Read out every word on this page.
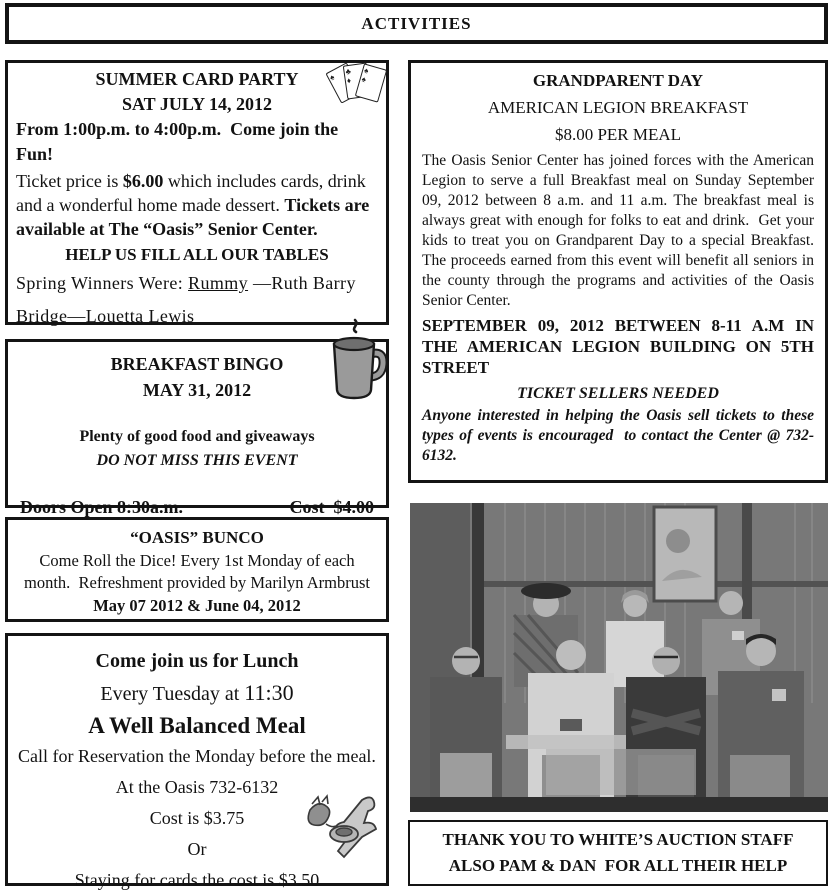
ACTIVITIES
SUMMER CARD PARTY
SAT JULY 14, 2012
From 1:00p.m. to 4:00p.m.  Come join the Fun!
Ticket price is $6.00 which includes cards, drink and a wonderful home made dessert. Tickets are available at The “Oasis” Senior Center.
HELP US FILL ALL OUR TABLES
Spring Winners Were: Rummy —Ruth Barry
Bridge—Louetta Lewis
♠
♣
♦
♠
♠
BREAKFAST BINGO
MAY 31, 2012
Plenty of good food and giveaways
DO NOT MISS THIS EVENT
Doors Open 8:30a.m.	Cost  $4.00
“OASIS” BUNCO
Come Roll the Dice! Every 1st Monday of each month.  Refreshment provided by Marilyn Armbrust
May 07 2012 & June 04, 2012
Come join us for Lunch
Every Tuesday at 11:30
A Well Balanced Meal
Call for Reservation the Monday before the meal.
At the Oasis 732-6132
Cost is $3.75
Or
Staying for cards the cost is $3.50
GRANDPARENT DAY
AMERICAN LEGION BREAKFAST
$8.00 PER MEAL
The Oasis Senior Center has joined forces with the American Legion to serve a full Breakfast meal on Sunday September 09, 2012 between 8 a.m. and 11 a.m. The breakfast meal is always great with enough for folks to eat and drink.  Get your kids to treat you on Grandparent Day to a special Breakfast. The proceeds earned from this event will benefit all seniors in the county through the programs and activities of the Oasis Senior Center.
SEPTEMBER 09, 2012 BETWEEN 8-11 A.M IN THE AMERICAN LEGION BUILDING ON 5TH STREET
TICKET SELLERS NEEDED
Anyone interested in helping the Oasis sell tickets to these types of events is encouraged  to contact the Center @ 732-6132.
THANK YOU TO WHITE’S AUCTION STAFF
ALSO PAM & DAN  FOR ALL THEIR HELP
